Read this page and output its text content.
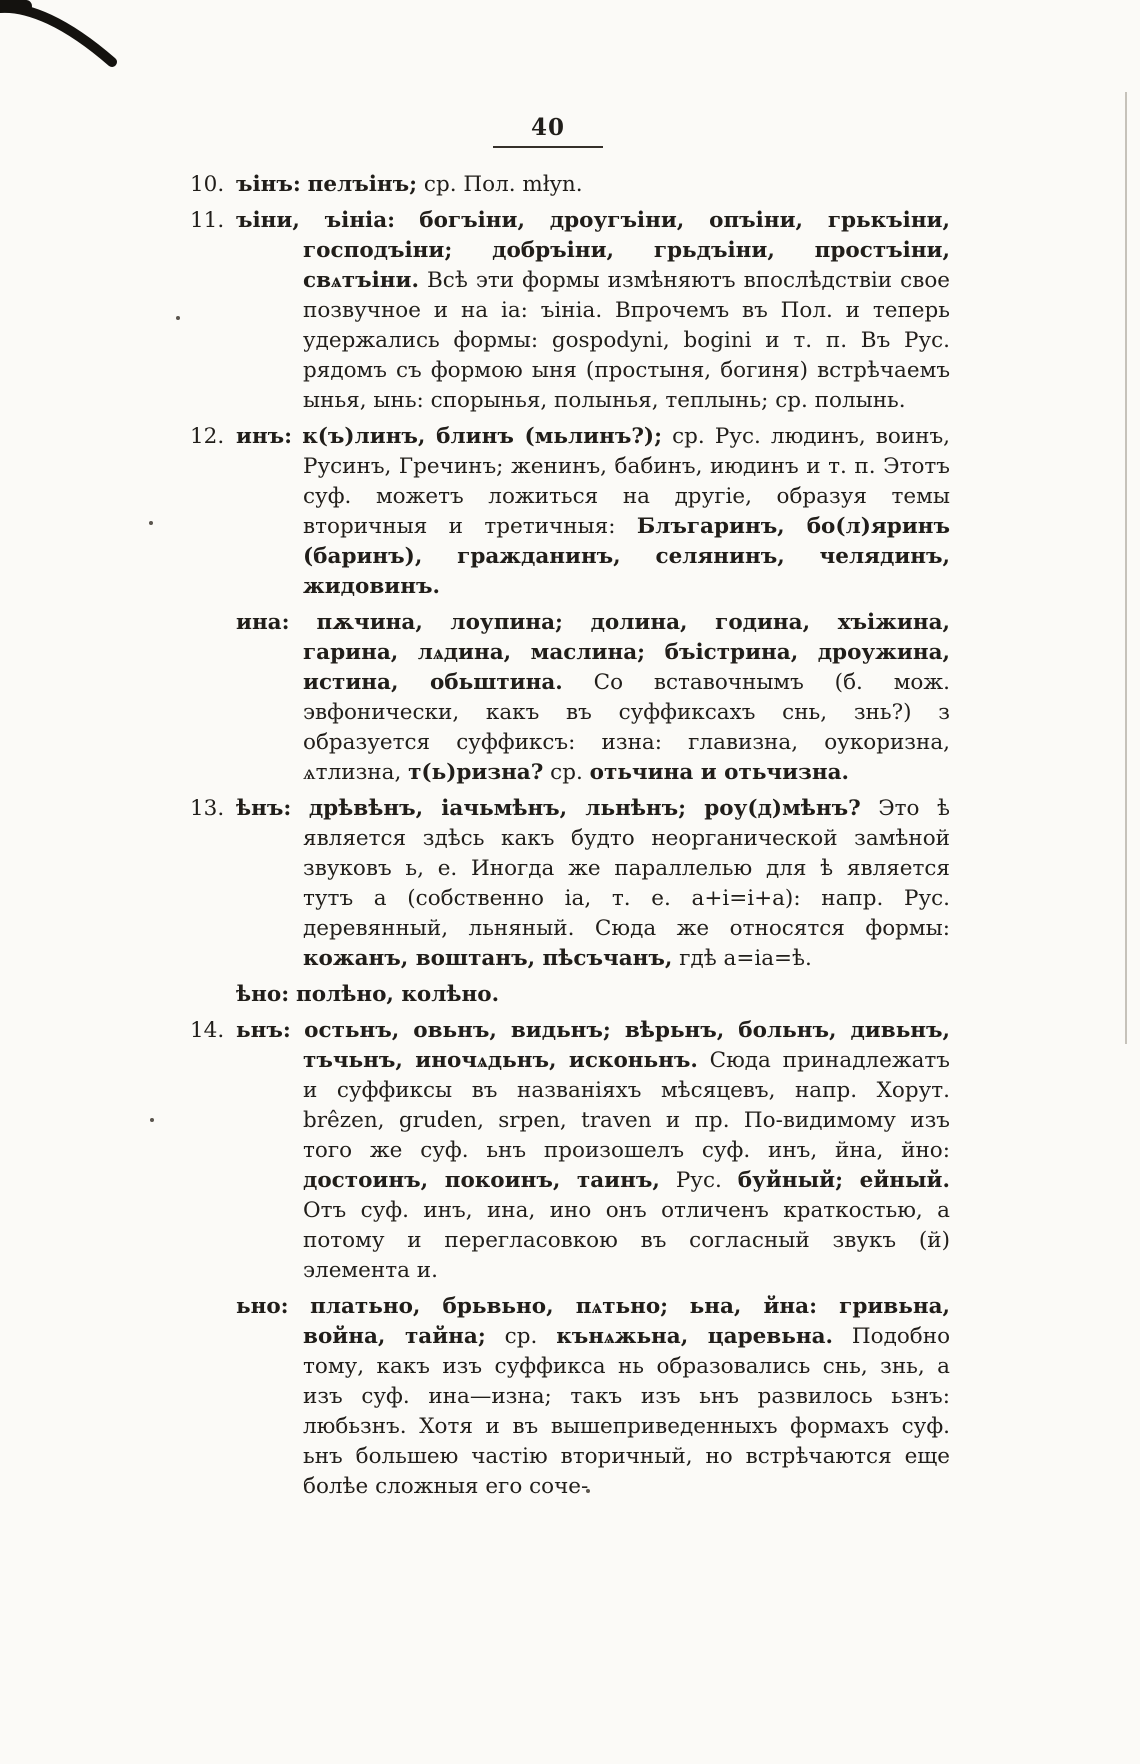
40
10. ъінъ: пелъінъ; ср. Пол. młyn.
11. ъіни, ъініа: богъіни, дроугъіни, опъіни, грькъіни, господъіни; добръіни, грьдъіни, простъіни, свѧтъіни. Всѣ эти формы измѣняютъ впослѣдствіи свое позвучное и на іа: ъініа. Впрочемъ въ Пол. и теперь удержались формы: gospodyni, bogini и т. п. Въ Рус. рядомъ съ формою ыня (простыня, богиня) встрѣчаемъ ынья, ынь: спорынья, полынья, теплынь; ср. полынь.
12. инъ: к(ъ)линъ, блинъ (мьлинъ?); ср. Рус. людинъ, воинъ, Русинъ, Гречинъ; женинъ, бабинъ, июдинъ и т. п. Этотъ суф. можетъ ложиться на другіе, образуя темы вторичныя и третичныя: Блъгаринъ, бо(л)яринъ (баринъ), гражданинъ, селянинъ, челядинъ, жидовинъ.
ина: пѫчина, лоупина; долина, година, хъіжина, гарина, лѧдина, маслина; бъістрина, дроужина, истина, обьштина. Со вставочнымъ (б. мож. эвфонически, какъ въ суффиксахъ снь, знь?) з образуется суффиксъ: изна: главизна, оукоризна, ѧтлизна, т(ь)ризна? ср. отьчина и отьчизна.
13. ѣнъ: дрѣвѣнъ, іачьмѣнъ, льнѣнъ; роу(д)мѣнъ? Это ѣ является здѣсь какъ будто неорганической замѣной звуковъ ь, е. Иногда же параллелью для ѣ является тутъ а (собственно іа, т. е. a+i=i+a): напр. Рус. деревянный, льняный. Сюда же относятся формы: кожанъ, воштанъ, пѣсъчанъ, гдѣ а=іа=ѣ.
ѣно: полѣно, колѣно.
14. ьнъ: остьнъ, овьнъ, видьнъ; вѣрьнъ, больнъ, дивьнъ, тъчьнъ, иночѧдьнъ, исконьнъ. Сюда принадлежатъ и суффиксы въ названіяхъ мѣсяцевъ, напр. Хорут. brêzen, gruden, srpen, traven и пр. По-видимому изъ того же суф. ьнъ произошелъ суф. инъ, йна, йно: достоинъ, покоинъ, таинъ, Рус. буйный; ейный. Отъ суф. инъ, ина, ино онъ отличенъ краткостью, а потому и перегласовкою въ согласный звукъ (й) элемента и.
ьно: платьно, брьвьно, пѧтьно; ьна, йна: гривьна, война, тайна; ср. кънѧжьна, царевьна. Подобно тому, какъ изъ суффикса нь образовались снь, знь, а изъ суф. ина—изна; такъ изъ ьнъ развилось ьзнъ: любьзнъ. Хотя и въ вышеприведенныхъ формахъ суф. ьнъ большею частію вторичный, но встрѣчаются еще болѣе сложныя его соче-
